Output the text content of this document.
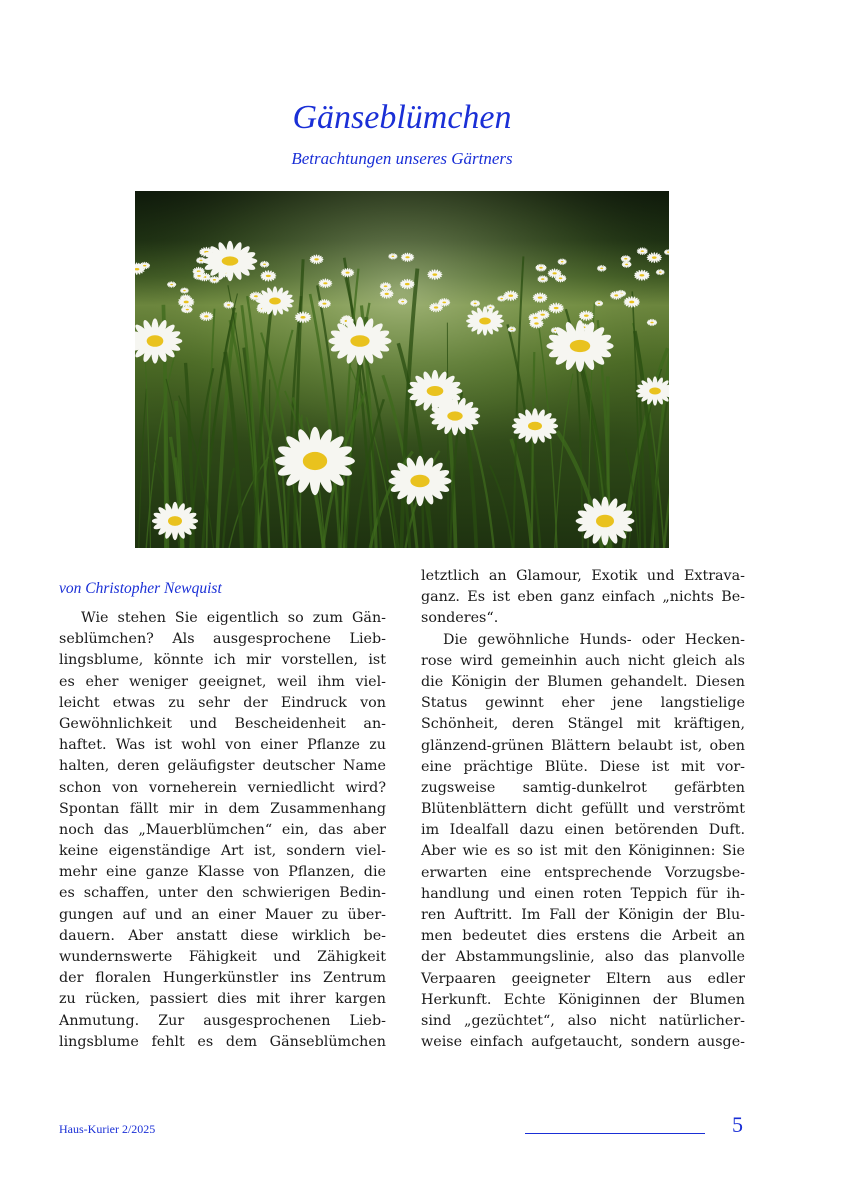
Gänseblümchen
Betrachtungen unseres Gärtners
von Christopher Newquist
Wie stehen Sie eigentlich so zum Gän-
seblümchen? Als ausgesprochene Lieb-
lingsblume, könnte ich mir vorstellen, ist
es eher weniger geeignet, weil ihm viel-
leicht etwas zu sehr der Eindruck von
Gewöhnlichkeit und Bescheidenheit an-
haftet. Was ist wohl von einer Pflanze zu
halten, deren geläufigster deutscher Name
schon von vorneherein verniedlicht wird?
Spontan fällt mir in dem Zusammenhang
noch das „Mauerblümchen“ ein, das aber
keine eigenständige Art ist, sondern viel-
mehr eine ganze Klasse von Pflanzen, die
es schaffen, unter den schwierigen Bedin-
gungen auf und an einer Mauer zu über-
dauern. Aber anstatt diese wirklich be-
wundernswerte Fähigkeit und Zähigkeit
der floralen Hungerkünstler ins Zentrum
zu rücken, passiert dies mit ihrer kargen
Anmutung. Zur ausgesprochenen Lieb-
lingsblume fehlt es dem Gänseblümchen
letztlich an Glamour, Exotik und Extrava-
ganz. Es ist eben ganz einfach „nichts Be-
sonderes“.
Die gewöhnliche Hunds- oder Hecken-
rose wird gemeinhin auch nicht gleich als
die Königin der Blumen gehandelt. Diesen
Status gewinnt eher jene langstielige
Schönheit, deren Stängel mit kräftigen,
glänzend-grünen Blättern belaubt ist, oben
eine prächtige Blüte. Diese ist mit vor-
zugsweise samtig-dunkelrot gefärbten
Blütenblättern dicht gefüllt und verströmt
im Idealfall dazu einen betörenden Duft.
Aber wie es so ist mit den Königinnen: Sie
erwarten eine entsprechende Vorzugsbe-
handlung und einen roten Teppich für ih-
ren Auftritt. Im Fall der Königin der Blu-
men bedeutet dies erstens die Arbeit an
der Abstammungslinie, also das planvolle
Verpaaren geeigneter Eltern aus edler
Herkunft. Echte Königinnen der Blumen
sind „gezüchtet“, also nicht natürlicher-
weise einfach aufgetaucht, sondern ausge-
Haus-Kurier 2/2025	5
